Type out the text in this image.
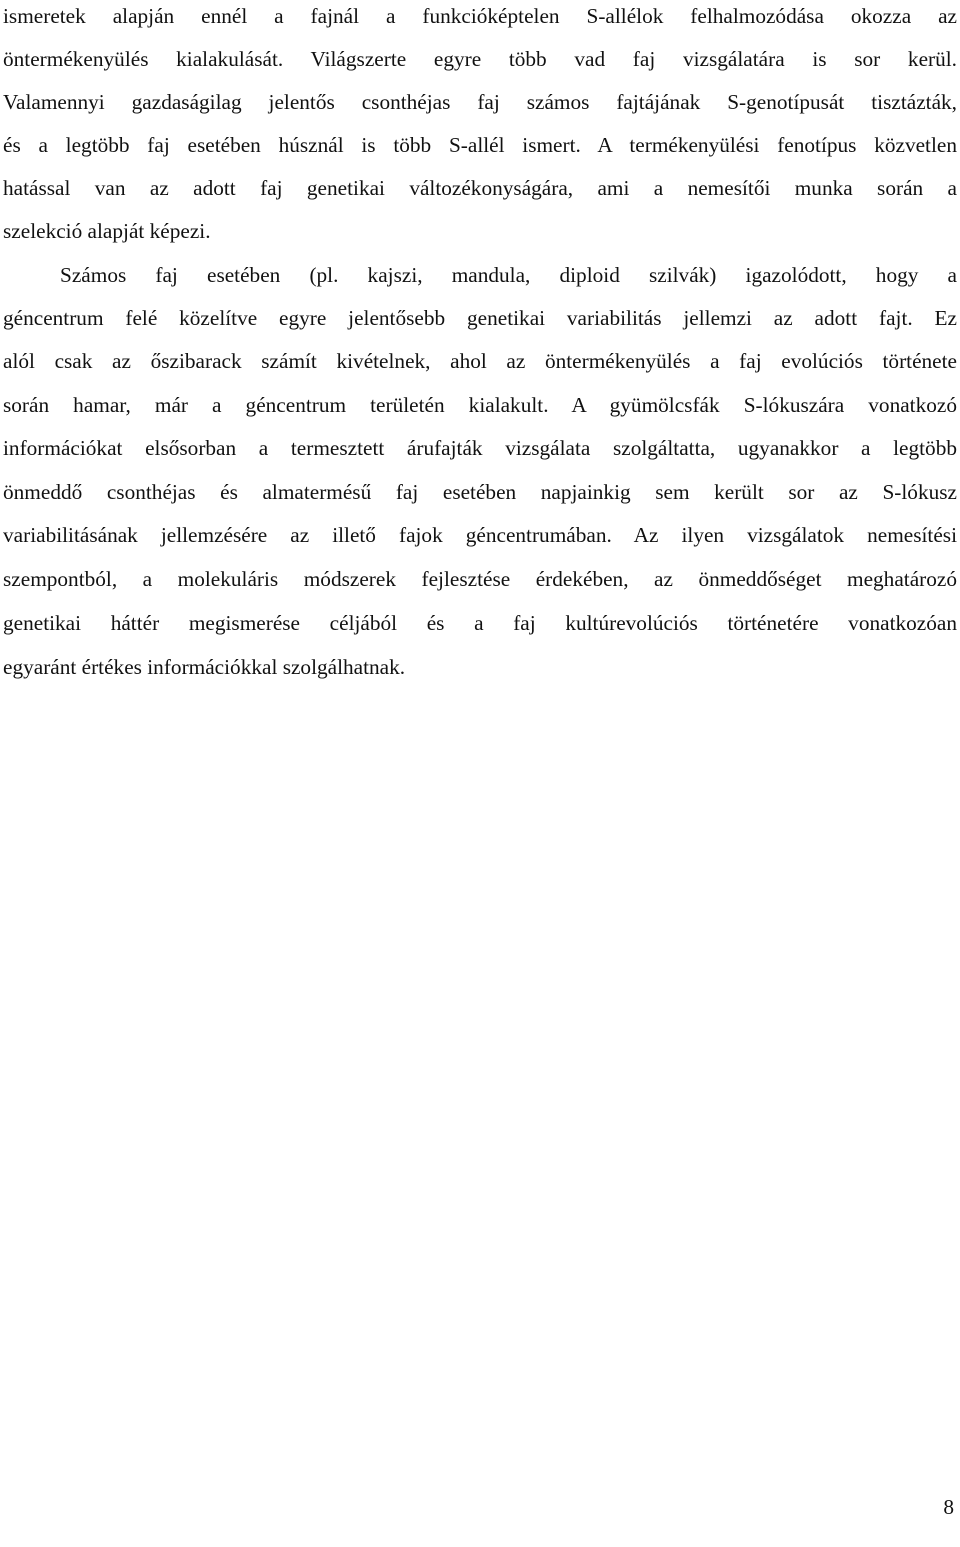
ismeretek alapján ennél a fajnál a funkcióképtelen S-allélok felhalmozódása okozza az
öntermékenyülés kialakulását. Világszerte egyre több vad faj vizsgálatára is sor kerül.
Valamennyi gazdaságilag jelentős csonthéjas faj számos fajtájának S-genotípusát tisztázták,
és a legtöbb faj esetében húsznál is több S-allél ismert. A termékenyülési fenotípus közvetlen
hatással van az adott faj genetikai változékonyságára, ami a nemesítői munka során a
szelekció alapját képezi.
Számos faj esetében (pl. kajszi, mandula, diploid szilvák) igazolódott, hogy a
géncentrum felé közelítve egyre jelentősebb genetikai variabilitás jellemzi az adott fajt. Ez
alól csak az őszibarack számít kivételnek, ahol az öntermékenyülés a faj evolúciós története
során hamar, már a géncentrum területén kialakult. A gyümölcsfák S-lókuszára vonatkozó
információkat elsősorban a termesztett árufajták vizsgálata szolgáltatta, ugyanakkor a legtöbb
önmeddő csonthéjas és almatermésű faj esetében napjainkig sem került sor az S-lókusz
variabilitásának jellemzésére az illető fajok géncentrumában. Az ilyen vizsgálatok nemesítési
szempontból, a molekuláris módszerek fejlesztése érdekében, az önmeddőséget meghatározó
genetikai háttér megismerése céljából és a faj kultúrevolúciós történetére vonatkozóan
egyaránt értékes információkkal szolgálhatnak.
8
